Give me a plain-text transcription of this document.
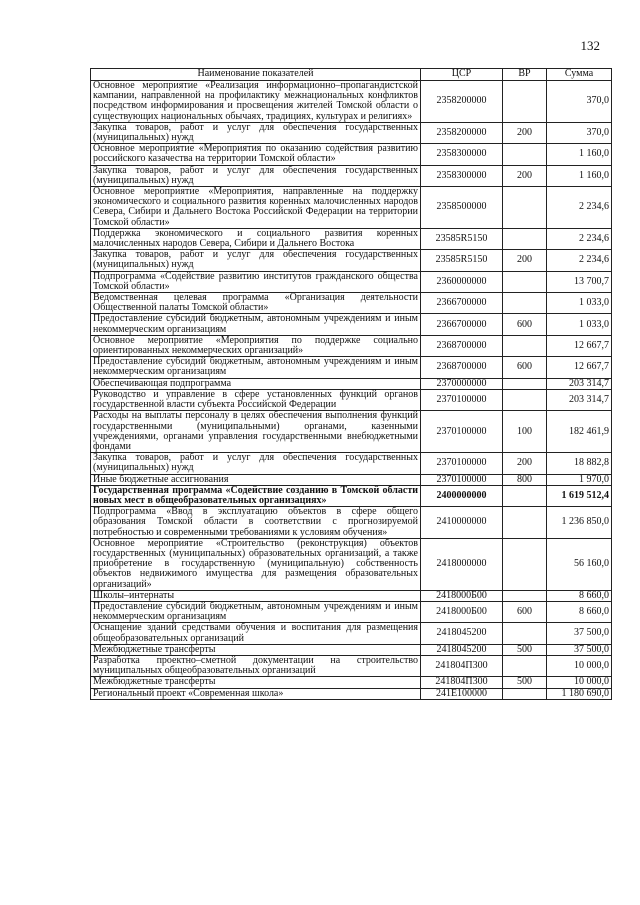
132
Наименование показателей	ЦСР	ВР	Сумма
Основное мероприятие «Реализация информационно–пропагандистской кампании, направленной на профилактику межнациональных конфликтов посредством информирования и просвещения жителей Томской области о существующих национальных обычаях, традициях, культурах и религиях»	2358200000		370,0
Закупка товаров, работ и услуг для обеспечения государственных (муниципальных) нужд	2358200000	200	370,0
Основное мероприятие «Мероприятия по оказанию содействия развитию российского казачества на территории Томской области»	2358300000		1 160,0
Закупка товаров, работ и услуг для обеспечения государственных (муниципальных) нужд	2358300000	200	1 160,0
Основное мероприятие «Мероприятия, направленные на поддержку экономического и социального развития коренных малочисленных народов Севера, Сибири и Дальнего Востока Российской Федерации на территории Томской области»	2358500000		2 234,6
Поддержка экономического и социального развития коренных малочисленных народов Севера, Сибири и Дальнего Востока	23585R5150		2 234,6
Закупка товаров, работ и услуг для обеспечения государственных (муниципальных) нужд	23585R5150	200	2 234,6
Подпрограмма «Содействие развитию институтов гражданского общества Томской области»	2360000000		13 700,7
Ведомственная целевая программа «Организация деятельности Общественной палаты Томской области»	2366700000		1 033,0
Предоставление субсидий бюджетным, автономным учреждениям и иным некоммерческим организациям	2366700000	600	1 033,0
Основное мероприятие «Мероприятия по поддержке социально ориентированных некоммерческих организаций»	2368700000		12 667,7
Предоставление субсидий бюджетным, автономным учреждениям и иным некоммерческим организациям	2368700000	600	12 667,7
Обеспечивающая подпрограмма	2370000000		203 314,7
Руководство и управление в сфере установленных функций органов государственной власти субъекта Российской Федерации	2370100000		203 314,7
Расходы на выплаты персоналу в целях обеспечения выполнения функций государственными (муниципальными) органами, казенными учреждениями, органами управления государственными внебюджетными фондами	2370100000	100	182 461,9
Закупка товаров, работ и услуг для обеспечения государственных (муниципальных) нужд	2370100000	200	18 882,8
Иные бюджетные ассигнования	2370100000	800	1 970,0
Государственная программа «Содействие созданию в Томской области новых мест в общеобразовательных организациях»	2400000000		1 619 512,4
Подпрограмма «Ввод в эксплуатацию объектов в сфере общего образования Томской области в соответствии с прогнозируемой потребностью и современными требованиями к условиям обучения»	2410000000		1 236 850,0
Основное мероприятие «Строительство (реконструкция) объектов государственных (муниципальных) образовательных организаций, а также приобретение в государственную (муниципальную) собственность объектов недвижимого имущества для размещения образовательных организаций»	2418000000		56 160,0
Школы–интернаты	2418000Б00		8 660,0
Предоставление субсидий бюджетным, автономным учреждениям и иным некоммерческим организациям	2418000Б00	600	8 660,0
Оснащение зданий средствами обучения и воспитания для размещения общеобразовательных организаций	2418045200		37 500,0
Межбюджетные трансферты	2418045200	500	37 500,0
Разработка проектно–сметной документации на строительство муниципальных общеобразовательных организаций	241804П300		10 000,0
Межбюджетные трансферты	241804П300	500	10 000,0
Региональный проект «Современная школа»	241E100000		1 180 690,0
